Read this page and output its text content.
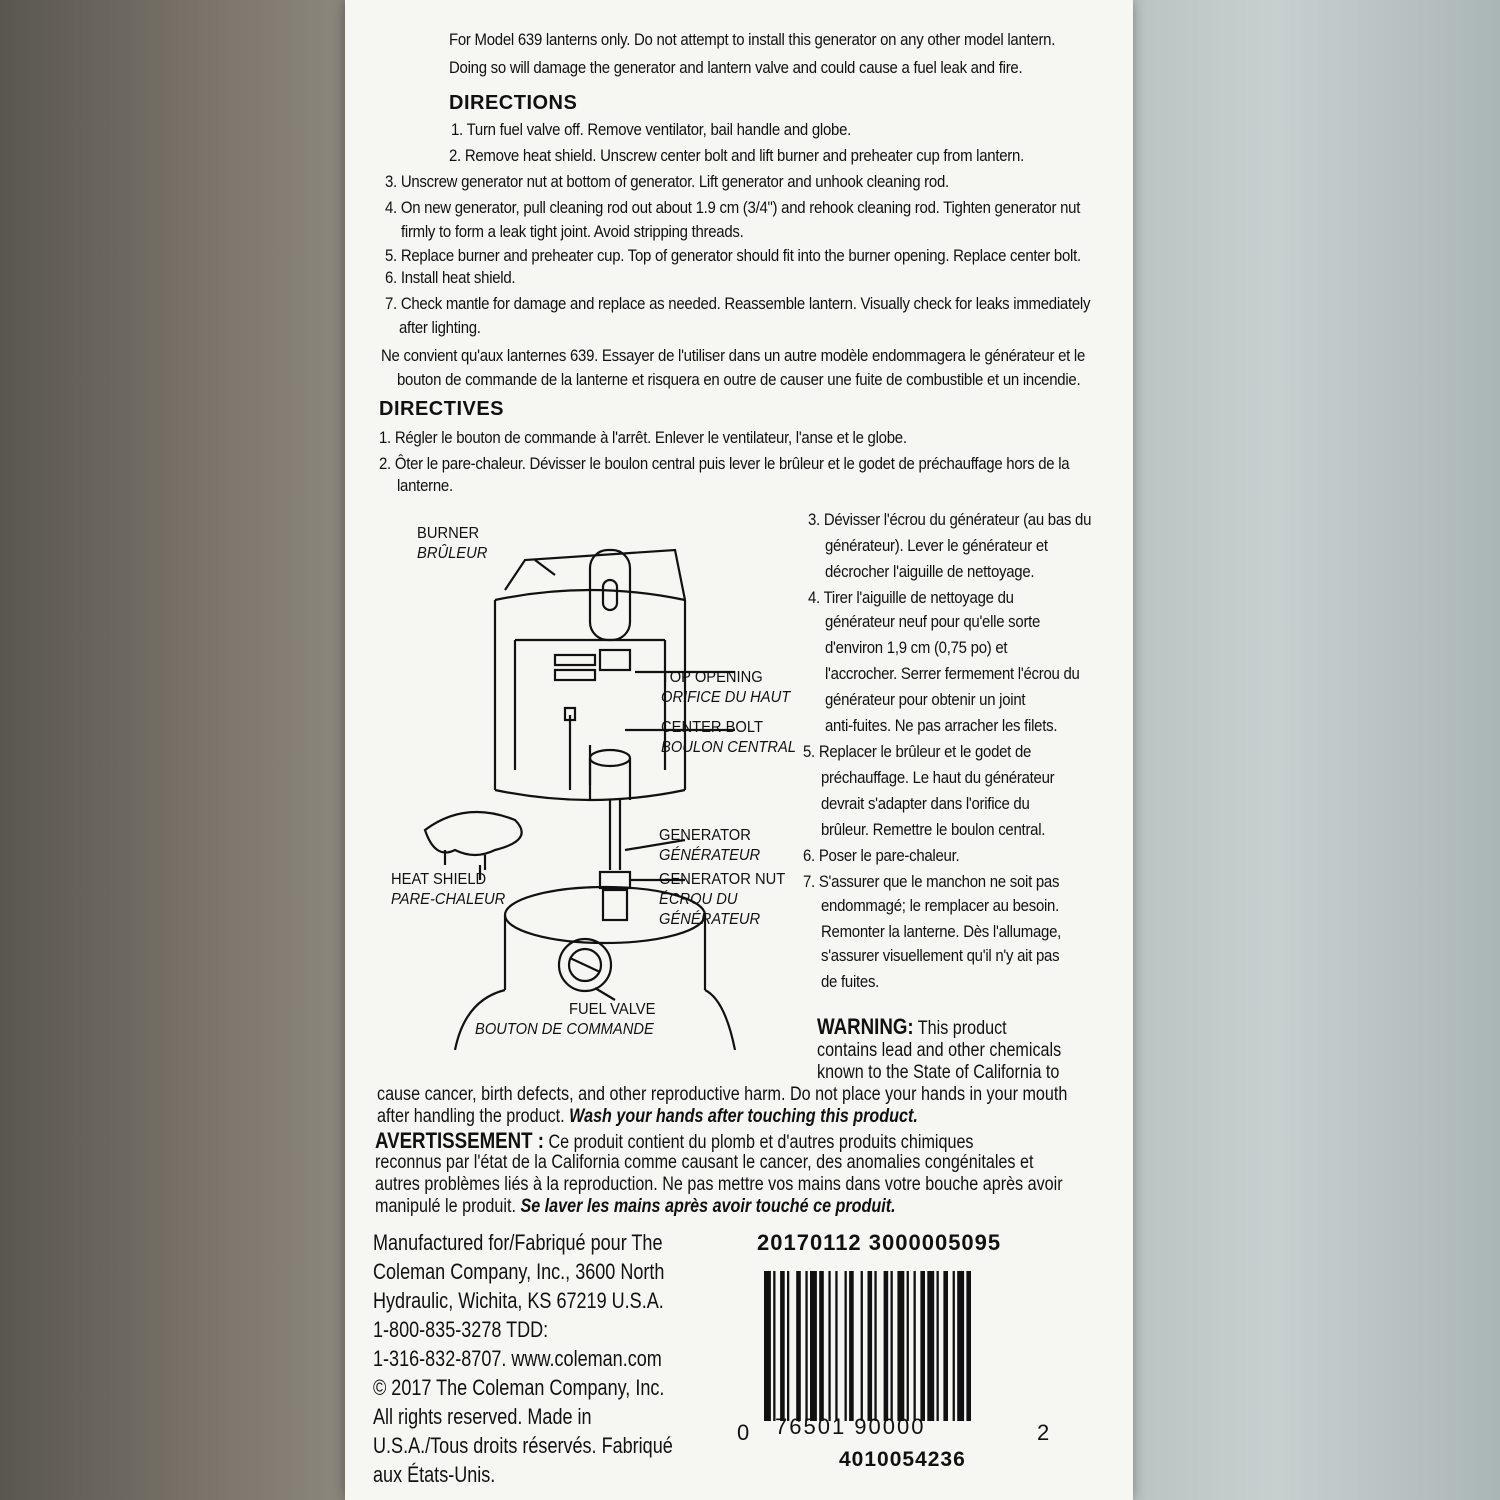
For Model 639 lanterns only. Do not attempt to install this generator on any other model lantern.
Doing so will damage the generator and lantern valve and could cause a fuel leak and fire.
DIRECTIONS
1. Turn fuel valve off. Remove ventilator, bail handle and globe.
2. Remove heat shield. Unscrew center bolt and lift burner and preheater cup from lantern.
3. Unscrew generator nut at bottom of generator. Lift generator and unhook cleaning rod.
4. On new generator, pull cleaning rod out about 1.9 cm (3/4") and rehook cleaning rod. Tighten generator nut
firmly to form a leak tight joint. Avoid stripping threads.
5. Replace burner and preheater cup. Top of generator should fit into the burner opening. Replace center bolt.
6. Install heat shield.
7. Check mantle for damage and replace as needed. Reassemble lantern. Visually check for leaks immediately
after lighting.
Ne convient qu'aux lanternes 639. Essayer de l'utiliser dans un autre modèle endommagera le générateur et le
bouton de commande de la lanterne et risquera en outre de causer une fuite de combustible et un incendie.
DIRECTIVES
1. Régler le bouton de commande à l'arrêt. Enlever le ventilateur, l'anse et le globe.
2. Ôter le pare-chaleur. Dévisser le boulon central puis lever le brûleur et le godet de préchauffage hors de la
lanterne.
BURNER
BRÛLEUR
TOP OPENING
ORIFICE DU HAUT
CENTER BOLT
BOULON CENTRAL
GENERATOR
GÉNÉRATEUR
GENERATOR NUT
ÉCROU DU
GÉNÉRATEUR
HEAT SHIELD
PARE-CHALEUR
FUEL VALVE
BOUTON DE COMMANDE
3. Dévisser l'écrou du générateur (au bas du
générateur). Lever le générateur et
décrocher l'aiguille de nettoyage.
4. Tirer l'aiguille de nettoyage du
générateur neuf pour qu'elle sorte
d'environ 1,9 cm (0,75 po) et
l'accrocher. Serrer fermement l'écrou du
générateur pour obtenir un joint
anti-fuites. Ne pas arracher les filets.
5. Replacer le brûleur et le godet de
préchauffage. Le haut du générateur
devrait s'adapter dans l'orifice du
brûleur. Remettre le boulon central.
6. Poser le pare-chaleur.
7. S'assurer que le manchon ne soit pas
endommagé; le remplacer au besoin.
Remonter la lanterne. Dès l'allumage,
s'assurer visuellement qu'il n'y ait pas
de fuites.
WARNING: This product
contains lead and other chemicals
known to the State of California to
cause cancer, birth defects, and other reproductive harm. Do not place your hands in your mouth
after handling the product. Wash your hands after touching this product.
AVERTISSEMENT : Ce produit contient du plomb et d'autres produits chimiques
reconnus par l'état de la California comme causant le cancer, des anomalies congénitales et
autres problèmes liés à la reproduction. Ne pas mettre vos mains dans votre bouche après avoir
manipulé le produit. Se laver les mains après avoir touché ce produit.
Manufactured for/Fabriqué pour The
Coleman Company, Inc., 3600 North
Hydraulic, Wichita, KS 67219 U.S.A.
1-800-835-3278 TDD:
1-316-832-8707. www.coleman.com
© 2017 The Coleman Company, Inc.
All rights reserved. Made in
U.S.A./Tous droits réservés. Fabriqué
aux États-Unis.
20170112 3000005095
0 76501 90000	2
4010054236
